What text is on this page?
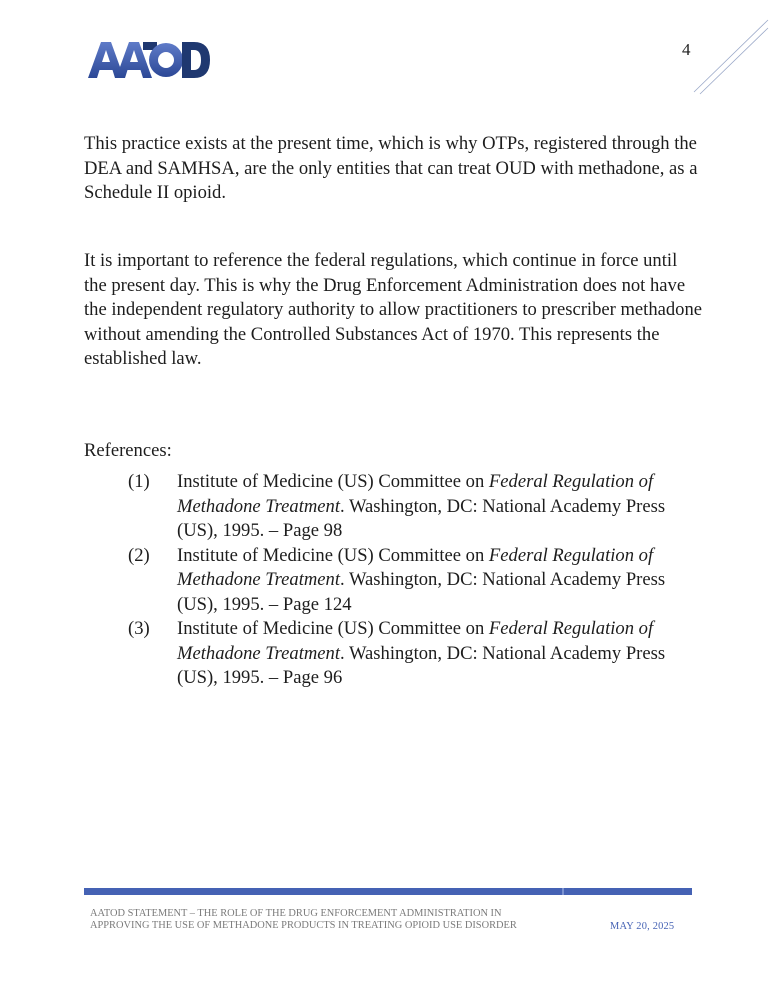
4

This practice exists at the present time, which is why OTPs, registered through the DEA and SAMHSA, are the only entities that can treat OUD with methadone, as a Schedule II opioid.

It is important to reference the federal regulations, which continue in force until the present day. This is why the Drug Enforcement Administration does not have the independent regulatory authority to allow practitioners to prescriber methadone without amending the Controlled Substances Act of 1970. This represents the established law.

References:

(1)	Institute of Medicine (US) Committee on Federal Regulation of Methadone Treatment. Washington, DC: National Academy Press (US), 1995. – Page 98
(2)	Institute of Medicine (US) Committee on Federal Regulation of Methadone Treatment. Washington, DC: National Academy Press (US), 1995. – Page 124
(3)	Institute of Medicine (US) Committee on Federal Regulation of Methadone Treatment. Washington, DC: National Academy Press (US), 1995. – Page 96
AATOD STATEMENT – THE ROLE OF THE DRUG ENFORCEMENT ADMINISTRATION IN APPROVING THE USE OF METHADONE PRODUCTS IN TREATING OPIOID USE DISORDER	MAY 20, 2025
